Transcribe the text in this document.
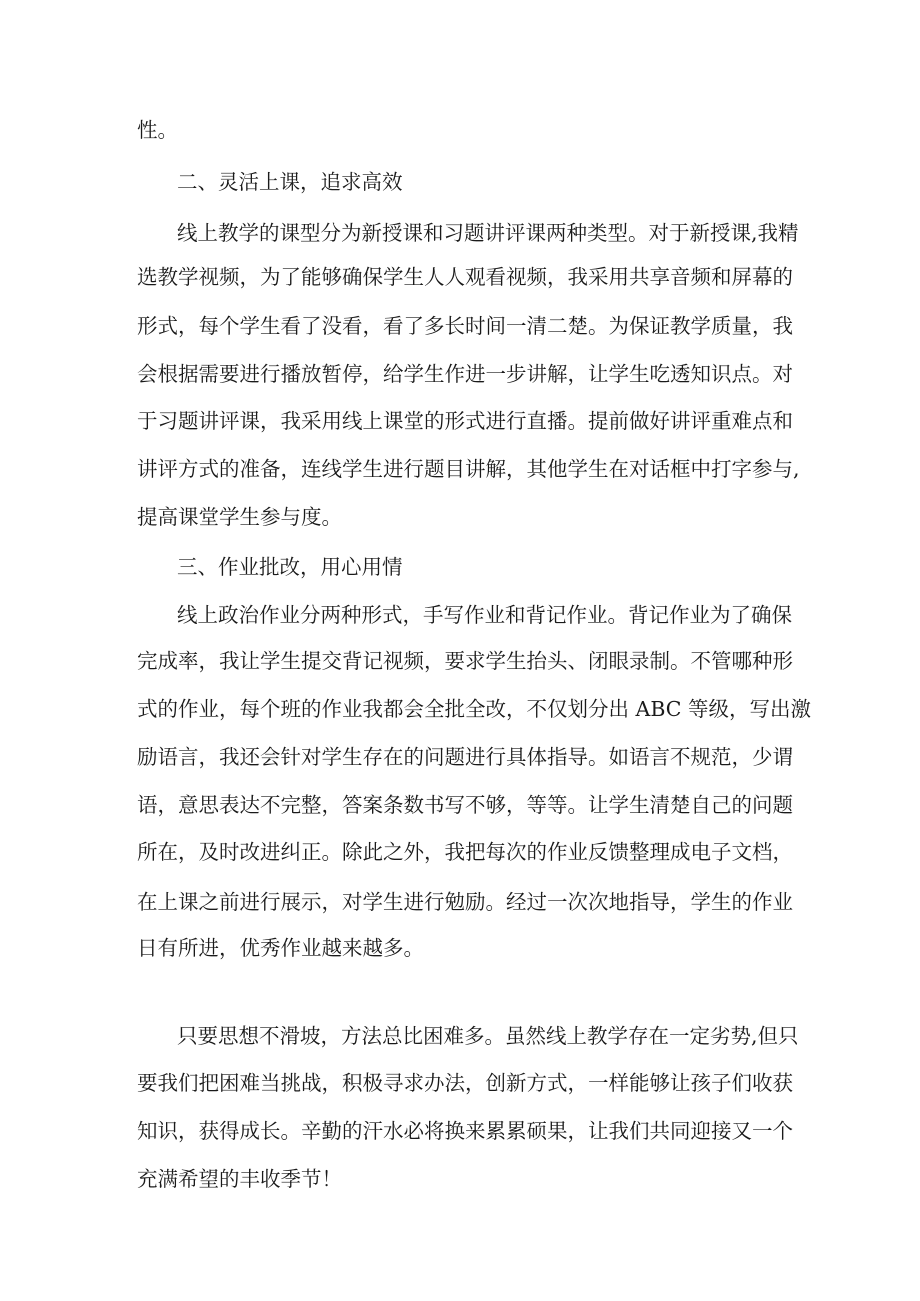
性。
二、灵活上课，追求高效
线上教学的课型分为新授课和习题讲评课两种类型。对于新授课,我精
选教学视频，为了能够确保学生人人观看视频，我采用共享音频和屏幕的
形式，每个学生看了没看，看了多长时间一清二楚。为保证教学质量，我
会根据需要进行播放暂停，给学生作进一步讲解，让学生吃透知识点。对
于习题讲评课，我采用线上课堂的形式进行直播。提前做好讲评重难点和
讲评方式的准备，连线学生进行题目讲解，其他学生在对话框中打字参与,
提高课堂学生参与度。
三、作业批改，用心用情
线上政治作业分两种形式，手写作业和背记作业。背记作业为了确保
完成率，我让学生提交背记视频，要求学生抬头、闭眼录制。不管哪种形
式的作业，每个班的作业我都会全批全改，不仅划分出 ABC 等级，写出激
励语言，我还会针对学生存在的问题进行具体指导。如语言不规范，少谓
语，意思表达不完整，答案条数书写不够，等等。让学生清楚自己的问题
所在，及时改进纠正。除此之外，我把每次的作业反馈整理成电子文档，
在上课之前进行展示，对学生进行勉励。经过一次次地指导，学生的作业
日有所进，优秀作业越来越多。
只要思想不滑坡，方法总比困难多。虽然线上教学存在一定劣势,但只
要我们把困难当挑战，积极寻求办法，创新方式，一样能够让孩子们收获
知识，获得成长。辛勤的汗水必将换来累累硕果，让我们共同迎接又一个
充满希望的丰收季节！
